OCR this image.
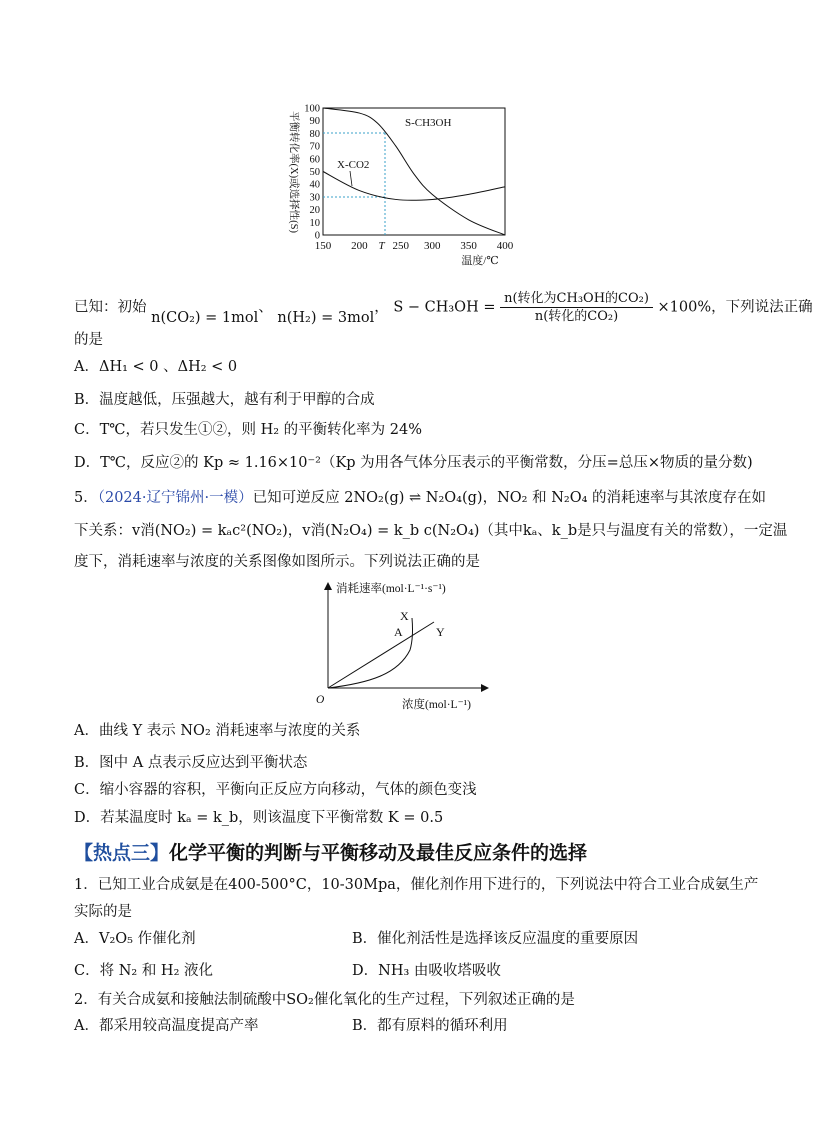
平衡转化率(X)或选择性(S)
100
90
80
70
60
50
40
30
20
10
0
150 200 T 250 300 350 400
S-CH3OH
X-CO2
温度/℃
已知：初始 n(CO₂) = 1mol、 n(H₂) = 3mol， $S - CH_3OH = \frac{\text{n(转化为CH₃OH的CO₂)}}{\text{n(转化的CO₂)}} \times 100\%$，下列说法正确
的是
A．ΔH₁ < 0 、ΔH₂ < 0
B．温度越低，压强越大，越有利于甲醇的合成
C．T℃，若只发生①②，则 H₂ 的平衡转化率为 24%
D．T℃，反应②的 Kp ≈ 1.16×10⁻²（Kp 为用各气体分压表示的平衡常数，分压=总压×物质的量分数)
5．（2024·辽宁锦州·一模）已知可逆反应 2NO₂(g) ⇌ N₂O₄(g)，NO₂ 和 N₂O₄ 的消耗速率与其浓度存在如
下关系：v消(NO₂) = kₐc²(NO₂)，v消(N₂O₄) = k_b c(N₂O₄)（其中kₐ、k_b是只与温度有关的常数），一定温
度下，消耗速率与浓度的关系图像如图所示。下列说法正确的是
消耗速率(mol·L⁻¹·s⁻¹)
浓度(mol·L⁻¹)
O
X
A	Y
A．曲线 Y 表示 NO₂ 消耗速率与浓度的关系
B．图中 A 点表示反应达到平衡状态
C．缩小容器的容积，平衡向正反应方向移动，气体的颜色变浅
D．若某温度时 kₐ = k_b，则该温度下平衡常数 K = 0.5
【热点三】化学平衡的判断与平衡移动及最佳反应条件的选择
1．已知工业合成氨是在400-500°C，10-30Mpa，催化剂作用下进行的，下列说法中符合工业合成氨生产
实际的是
A．V₂O₅ 作催化剂	B．催化剂活性是选择该反应温度的重要原因
C．将 N₂ 和 H₂ 液化	D．NH₃ 由吸收塔吸收
2．有关合成氨和接触法制硫酸中SO₂催化氧化的生产过程，下列叙述正确的是
A．都采用较高温度提高产率	B．都有原料的循环利用
